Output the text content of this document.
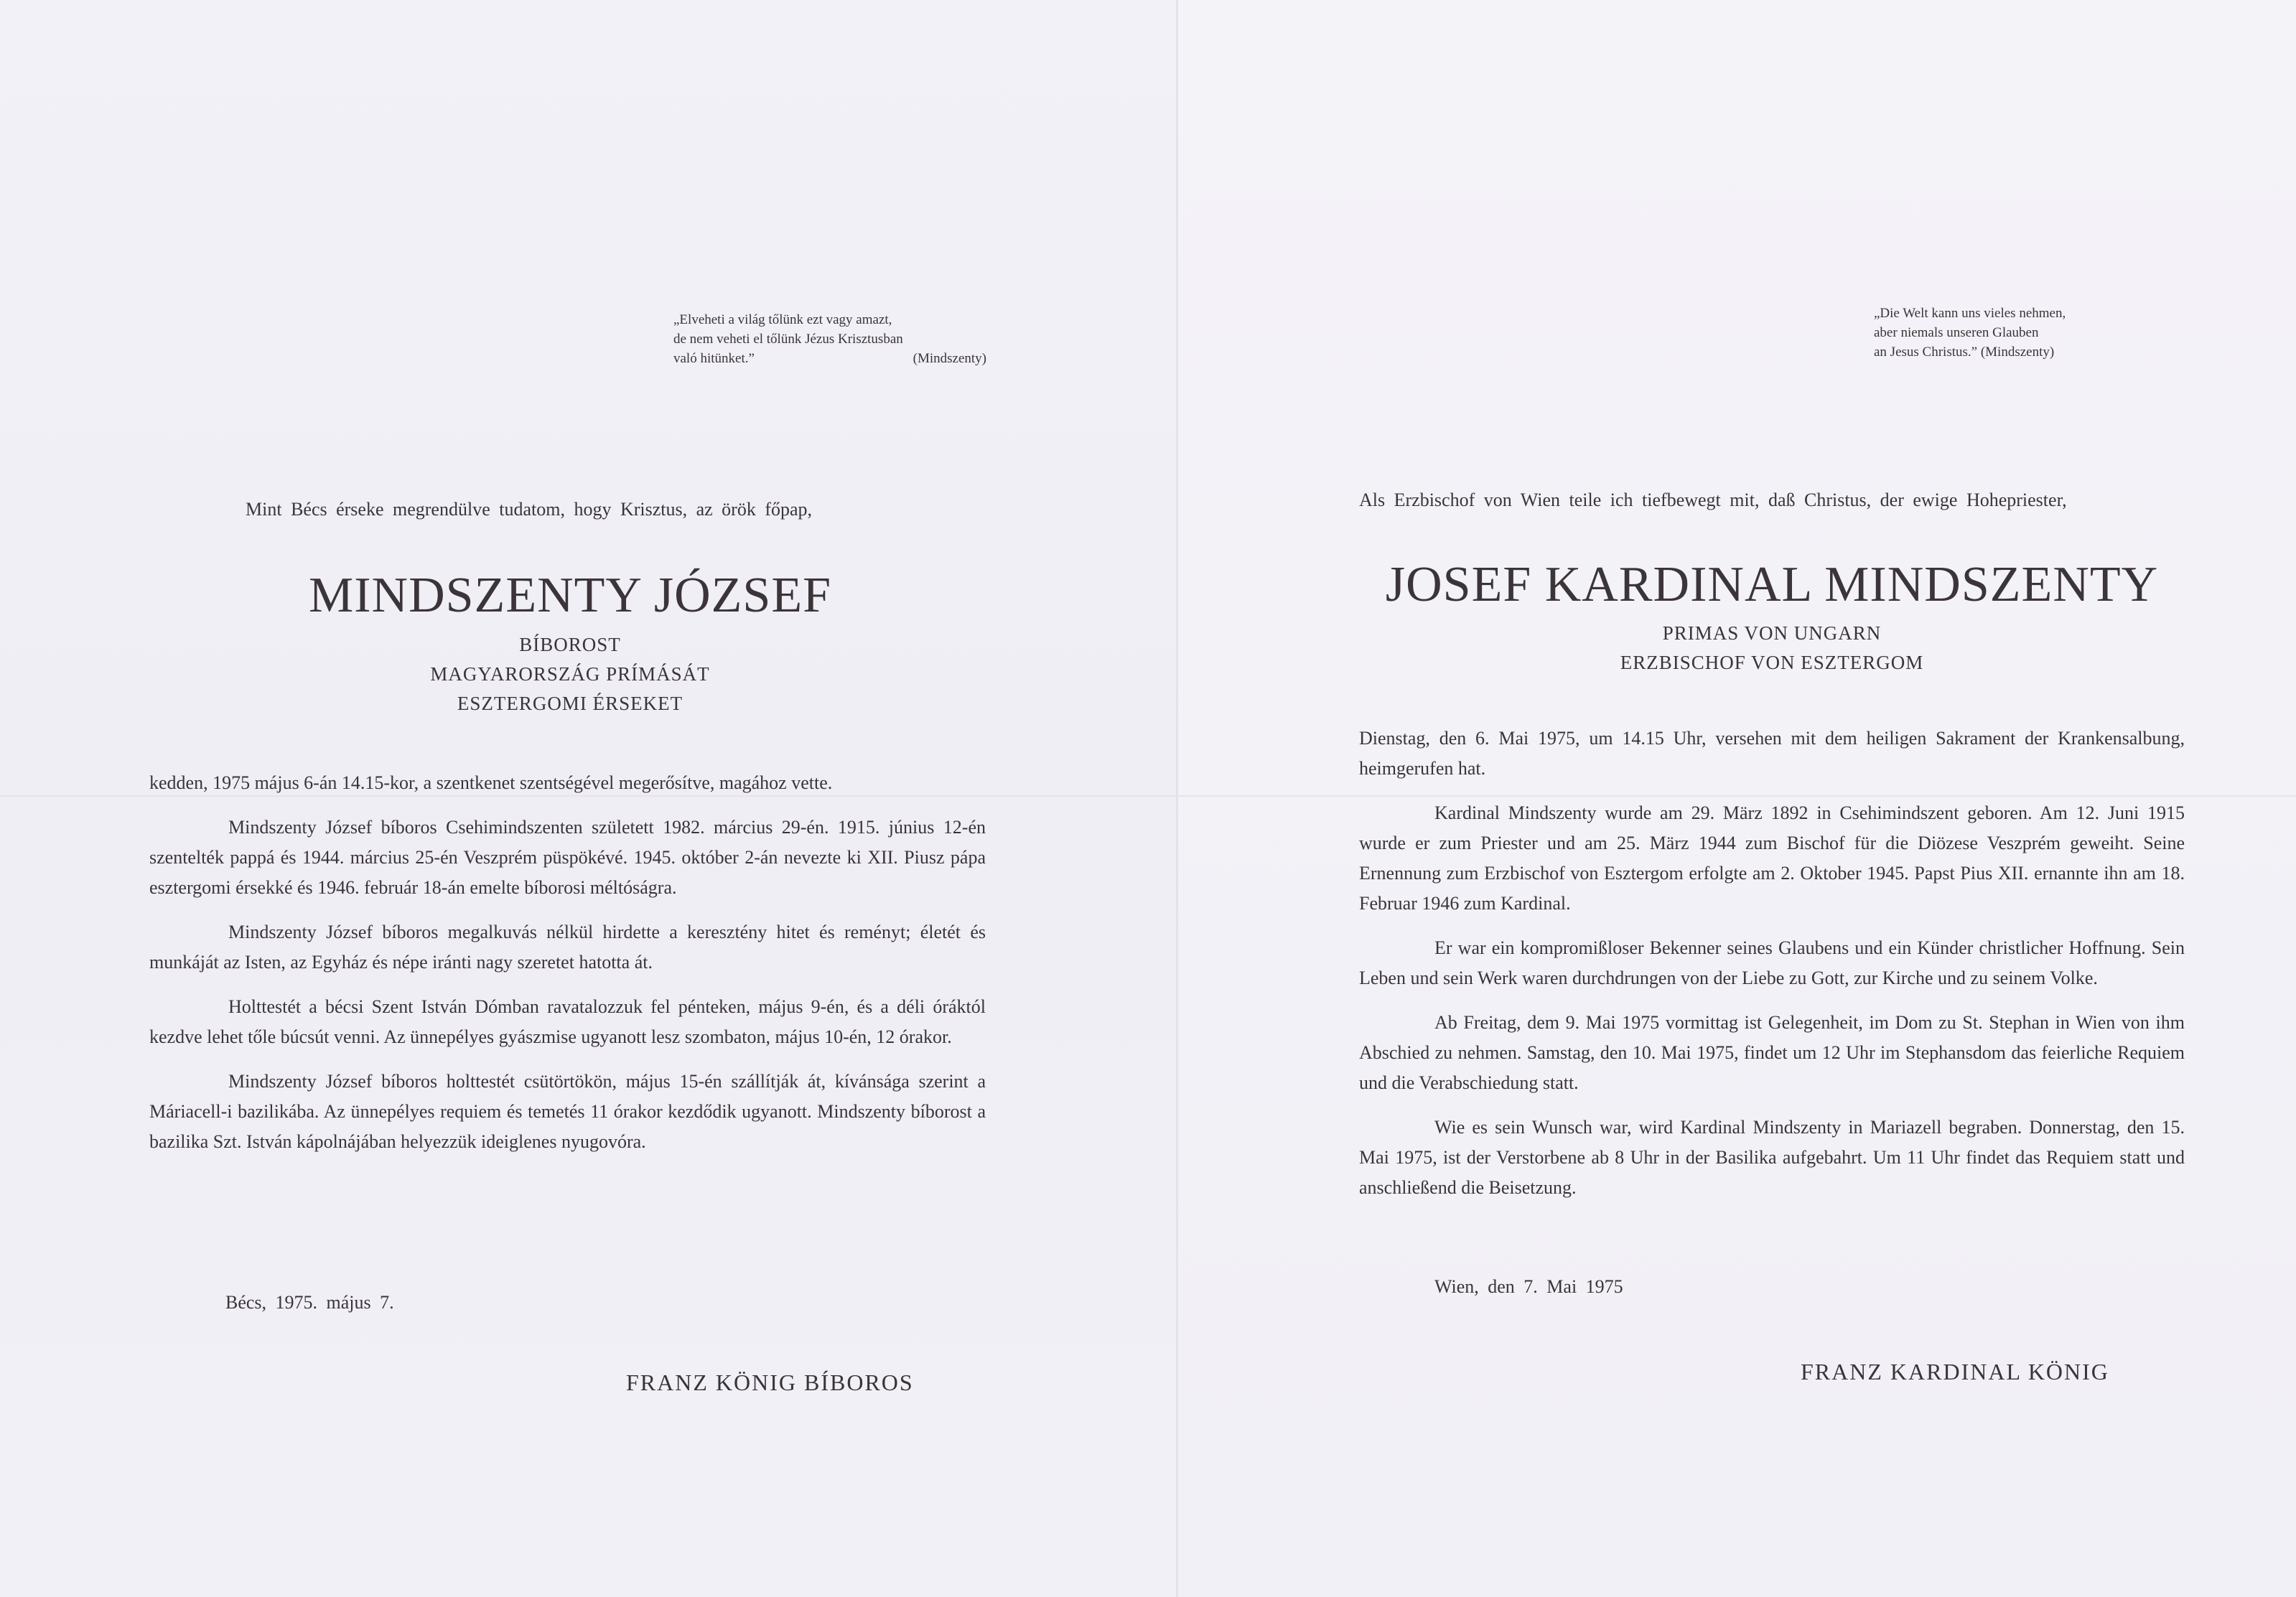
„Elveheti a világ tőlünk ezt vagy amazt,
de nem veheti el tőlünk Jézus Krisztusban
való hitünket.”	(Mindszenty)
Mint Bécs érseke megrendülve tudatom, hogy Krisztus, az örök főpap,
MINDSZENTY JÓZSEF
BÍBOROST
MAGYARORSZÁG PRÍMÁSÁT
ESZTERGOMI ÉRSEKET

kedden, 1975 május 6-án 14.15-kor, a szentkenet szentségével megerősítve, magához vette.

Mindszenty József bíboros Csehimindszenten született 1982. március 29-én. 1915. június 12-én szentelték pappá és 1944. március 25-én Veszprém püspökévé. 1945. október 2-án nevezte ki XII. Piusz pápa esztergomi érsekké és 1946. február 18-án emelte bíborosi méltóságra.

Mindszenty József bíboros megalkuvás nélkül hirdette a keresztény hitet és reményt; életét és munkáját az Isten, az Egyház és népe iránti nagy szeretet hatotta át.

Holttestét a bécsi Szent István Dómban ravatalozzuk fel pénteken, május 9-én, és a déli óráktól kezdve lehet tőle búcsút venni. Az ünnepélyes gyászmise ugyanott lesz szombaton, május 10-én, 12 órakor.

Mindszenty József bíboros holttestét csütörtökön, május 15-én szállítják át, kívánsága szerint a Máriacell-i bazilikába. Az ünnepélyes requiem és temetés 11 órakor kezdődik ugyanott. Mindszenty bíborost a bazilika Szt. István kápolnájában helyezzük ideiglenes nyugovóra.

Bécs, 1975. május 7.
FRANZ KÖNIG BÍBOROS
„Die Welt kann uns vieles nehmen,
aber niemals unseren Glauben
an Jesus Christus.” (Mindszenty)
Als Erzbischof von Wien teile ich tiefbewegt mit, daß Christus, der ewige Hohepriester,
JOSEF KARDINAL MINDSZENTY
PRIMAS VON UNGARN
ERZBISCHOF VON ESZTERGOM

Dienstag, den 6. Mai 1975, um 14.15 Uhr, versehen mit dem heiligen Sakrament der Krankensalbung, heimgerufen hat.

Kardinal Mindszenty wurde am 29. März 1892 in Csehimindszent geboren. Am 12. Juni 1915 wurde er zum Priester und am 25. März 1944 zum Bischof für die Diözese Veszprém geweiht. Seine Ernennung zum Erzbischof von Esztergom erfolgte am 2. Oktober 1945. Papst Pius XII. ernannte ihn am 18. Februar 1946 zum Kardinal.

Er war ein kompromißloser Bekenner seines Glaubens und ein Künder christlicher Hoffnung. Sein Leben und sein Werk waren durchdrungen von der Liebe zu Gott, zur Kirche und zu seinem Volke.

Ab Freitag, dem 9. Mai 1975 vormittag ist Gelegenheit, im Dom zu St. Stephan in Wien von ihm Abschied zu nehmen. Samstag, den 10. Mai 1975, findet um 12 Uhr im Stephansdom das feierliche Requiem und die Verabschiedung statt.

Wie es sein Wunsch war, wird Kardinal Mindszenty in Mariazell begraben. Donnerstag, den 15. Mai 1975, ist der Verstorbene ab 8 Uhr in der Basilika aufgebahrt. Um 11 Uhr findet das Requiem statt und anschließend die Beisetzung.

Wien, den 7. Mai 1975
FRANZ KARDINAL KÖNIG
